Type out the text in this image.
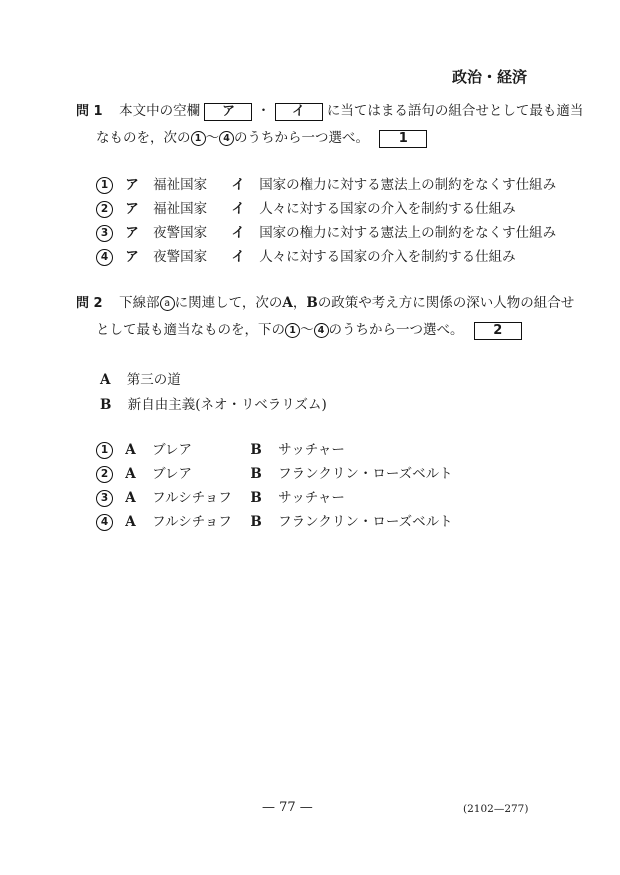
政治・経済
問 1 本文中の空欄 ア ・ イ に当てはまる語句の組合せとして最も適当
なものを，次の 1 ～ 4 のうちから一つ選べ。 1
1 ア 福祉国家 イ 国家の権力に対する憲法上の制約をなくす仕組み
2 ア 福祉国家 イ 人々に対する国家の介入を制約する仕組み
3 ア 夜警国家 イ 国家の権力に対する憲法上の制約をなくす仕組み
4 ア 夜警国家 イ 人々に対する国家の介入を制約する仕組み
問 2 下線部 a に関連して，次のA，Bの政策や考え方に関係の深い人物の組合せ
として最も適当なものを，下の 1 ～ 4 のうちから一つ選べ。 2
A 第三の道
B 新自由主義(ネオ・リベラリズム)
1 A ブレア	B サッチャー
2 A ブレア	B フランクリン・ローズベルト
3 A フルシチョフ B サッチャー
4 A フルシチョフ B フランクリン・ローズベルト
— 77 —	(2102—277)
